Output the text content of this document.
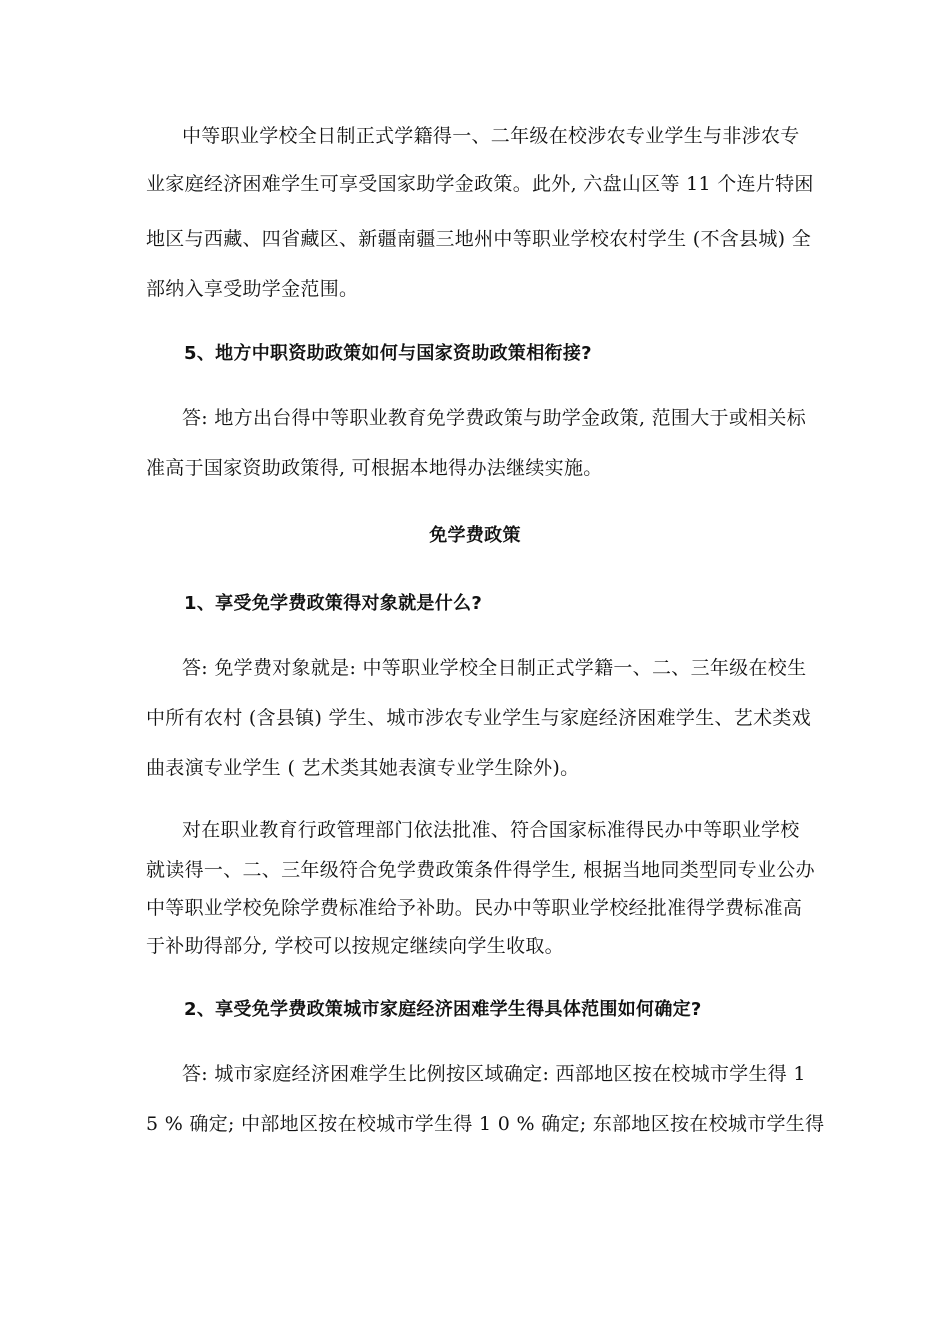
中等职业学校全日制正式学籍得一、二年级在校涉农专业学生与非涉农专
业家庭经济困难学生可享受国家助学金政策。此外, 六盘山区等 11 个连片特困
地区与西藏、四省藏区、新疆南疆三地州中等职业学校农村学生 (不含县城) 全
部纳入享受助学金范围。
5、地方中职资助政策如何与国家资助政策相衔接?
答: 地方出台得中等职业教育免学费政策与助学金政策, 范围大于或相关标
准高于国家资助政策得, 可根据本地得办法继续实施。
免学费政策
1、享受免学费政策得对象就是什么?
答: 免学费对象就是: 中等职业学校全日制正式学籍一、二、三年级在校生
中所有农村 (含县镇) 学生、城市涉农专业学生与家庭经济困难学生、艺术类戏
曲表演专业学生 ( 艺术类其她表演专业学生除外)。
对在职业教育行政管理部门依法批准、符合国家标准得民办中等职业学校
就读得一、二、三年级符合免学费政策条件得学生, 根据当地同类型同专业公办
中等职业学校免除学费标准给予补助。民办中等职业学校经批准得学费标准高
于补助得部分, 学校可以按规定继续向学生收取。
2、享受免学费政策城市家庭经济困难学生得具体范围如何确定?
答: 城市家庭经济困难学生比例按区域确定: 西部地区按在校城市学生得 1
5 % 确定; 中部地区按在校城市学生得 1 0 % 确定; 东部地区按在校城市学生得
